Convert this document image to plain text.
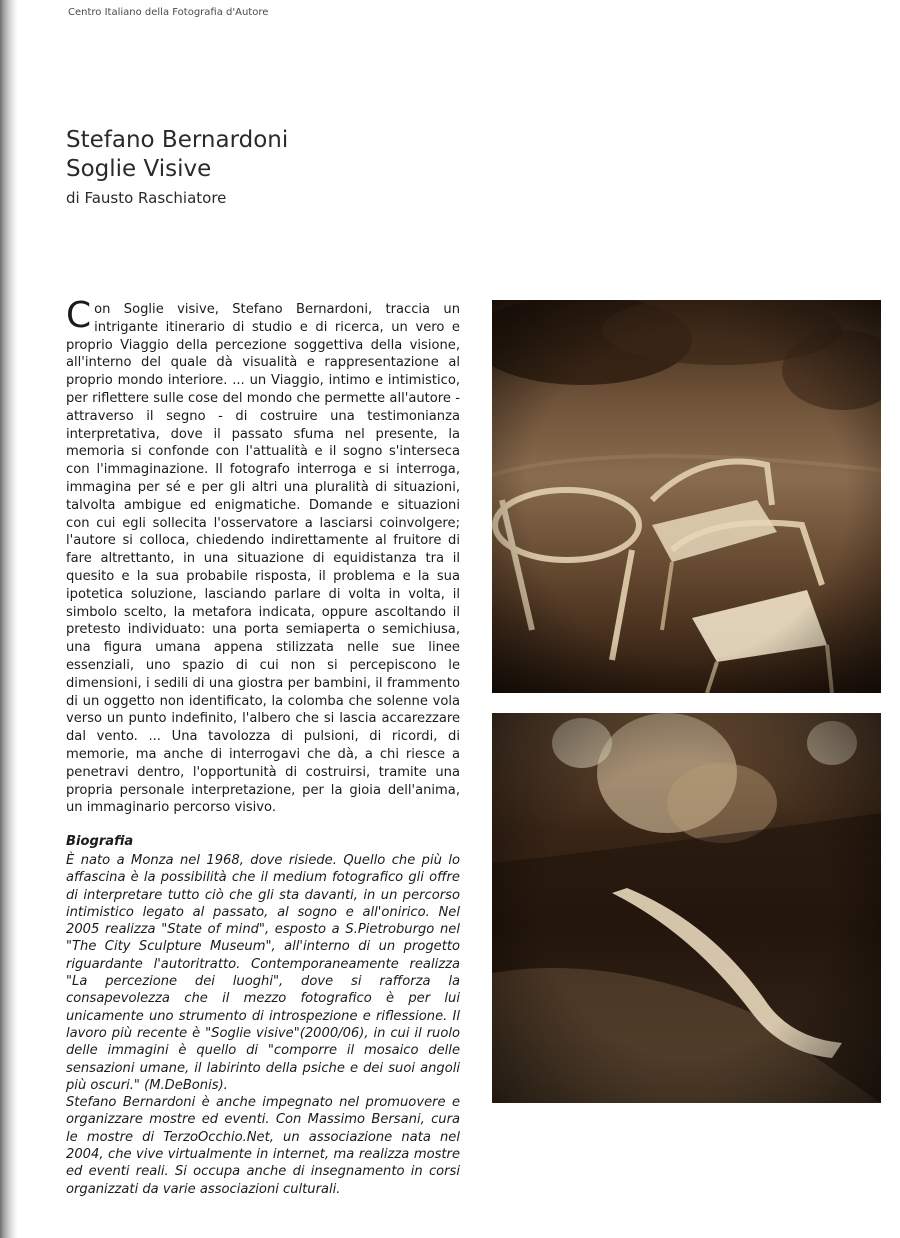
Centro Italiano della Fotografia d'Autore
Stefano Bernardoni
Soglie Visive
di Fausto Raschiatore

Con Soglie visive, Stefano Bernardoni, traccia un intrigante itinerario di studio e di ricerca, un vero e proprio Viaggio della percezione soggettiva della visione, all'interno del quale dà visualità e rappresentazione al proprio mondo interiore. ... un Viaggio, intimo e intimistico, per riflettere sulle cose del mondo che permette all'autore - attraverso il segno - di costruire una testimonianza interpretativa, dove il passato sfuma nel presente, la memoria si confonde con l'attualità e il sogno s'interseca con l'immaginazione. Il fotografo interroga e si interroga, immagina per sé e per gli altri una pluralità di situazioni, talvolta ambigue ed enigmatiche. Domande e situazioni con cui egli sollecita l'osservatore a lasciarsi coinvolgere; l'autore si colloca, chiedendo indirettamente al fruitore di fare altrettanto, in una situazione di equidistanza tra il quesito e la sua probabile risposta, il problema e la sua ipotetica soluzione, lasciando parlare di volta in volta, il simbolo scelto, la metafora indicata, oppure ascoltando il pretesto individuato: una porta semiaperta o semichiusa, una figura umana appena stilizzata nelle sue linee essenziali, uno spazio di cui non si percepiscono le dimensioni, i sedili di una giostra per bambini, il frammento di un oggetto non identificato, la colomba che solenne vola verso un punto indefinito, l'albero che si lascia accarezzare dal vento. ... Una tavolozza di pulsioni, di ricordi, di memorie, ma anche di interrogavi che dà, a chi riesce a penetravi dentro, l'opportunità di costruirsi, tramite una propria personale interpretazione, per la gioia dell'anima, un immaginario percorso visivo.

Biografia

È nato a Monza nel 1968, dove risiede. Quello che più lo affascina è la possibilità che il medium fotografico gli offre di interpretare tutto ciò che gli sta davanti, in un percorso intimistico legato al passato, al sogno e all'onirico. Nel 2005 realizza "State of mind", esposto a S.Pietroburgo nel "The City Sculpture Museum", all'interno di un progetto riguardante l'autoritratto. Contemporaneamente realizza "La percezione dei luoghi", dove si rafforza la consapevolezza che il mezzo fotografico è per lui unicamente uno strumento di introspezione e riflessione. Il lavoro più recente è "Soglie visive"(2000/06), in cui il ruolo delle immagini è quello di "comporre il mosaico delle sensazioni umane, il labirinto della psiche e dei suoi angoli più oscuri." (M.DeBonis).

Stefano Bernardoni è anche impegnato nel promuovere e organizzare mostre ed eventi. Con Massimo Bersani, cura le mostre di TerzoOcchio.Net, un associazione nata nel 2004, che vive virtualmente in internet, ma realizza mostre ed eventi reali. Si occupa anche di insegnamento in corsi organizzati da varie associazioni culturali.
